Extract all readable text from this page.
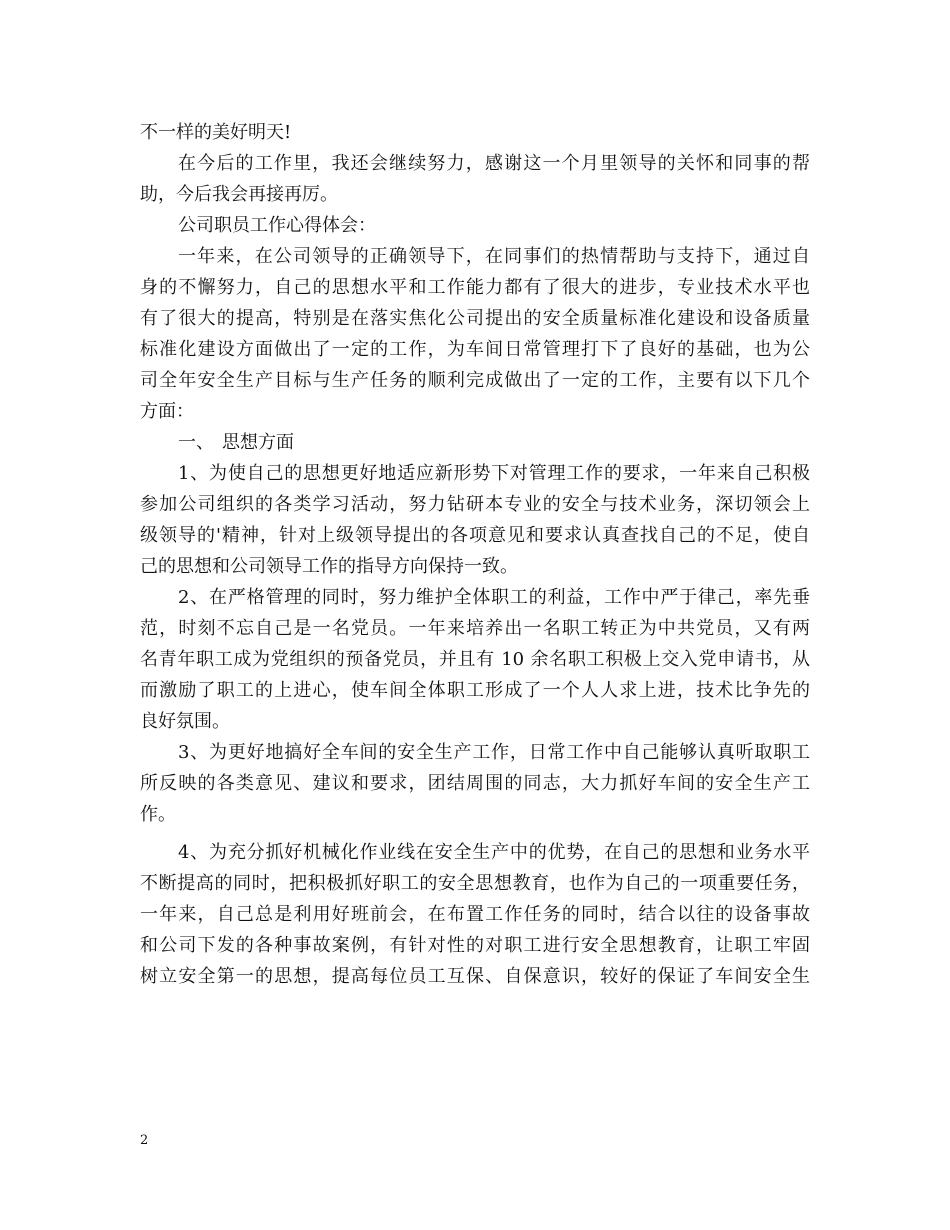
不一样的美好明天!
在今后的工作里，我还会继续努力，感谢这一个月里领导的关怀和同事的帮
助，今后我会再接再厉。
公司职员工作心得体会：
一年来，在公司领导的正确领导下，在同事们的热情帮助与支持下，通过自
身的不懈努力，自己的思想水平和工作能力都有了很大的进步，专业技术水平也
有了很大的提高，特别是在落实焦化公司提出的安全质量标准化建设和设备质量
标准化建设方面做出了一定的工作，为车间日常管理打下了良好的基础，也为公
司全年安全生产目标与生产任务的顺利完成做出了一定的工作，主要有以下几个
方面：
一、 思想方面
1、为使自己的思想更好地适应新形势下对管理工作的要求，一年来自己积极
参加公司组织的各类学习活动，努力钻研本专业的安全与技术业务，深切领会上
级领导的'精神，针对上级领导提出的各项意见和要求认真查找自己的不足，使自
己的思想和公司领导工作的指导方向保持一致。
2、在严格管理的同时，努力维护全体职工的利益，工作中严于律己，率先垂
范，时刻不忘自己是一名党员。一年来培养出一名职工转正为中共党员，又有两
名青年职工成为党组织的预备党员，并且有 10 余名职工积极上交入党申请书，从
而激励了职工的上进心，使车间全体职工形成了一个人人求上进，技术比争先的
良好氛围。
3、为更好地搞好全车间的安全生产工作，日常工作中自己能够认真听取职工
所反映的各类意见、建议和要求，团结周围的同志，大力抓好车间的安全生产工
作。
4、为充分抓好机械化作业线在安全生产中的优势，在自己的思想和业务水平
不断提高的同时，把积极抓好职工的安全思想教育，也作为自己的一项重要任务，
一年来，自己总是利用好班前会，在布置工作任务的同时，结合以往的设备事故
和公司下发的各种事故案例，有针对性的对职工进行安全思想教育，让职工牢固
树立安全第一的思想，提高每位员工互保、自保意识，较好的保证了车间安全生
2
